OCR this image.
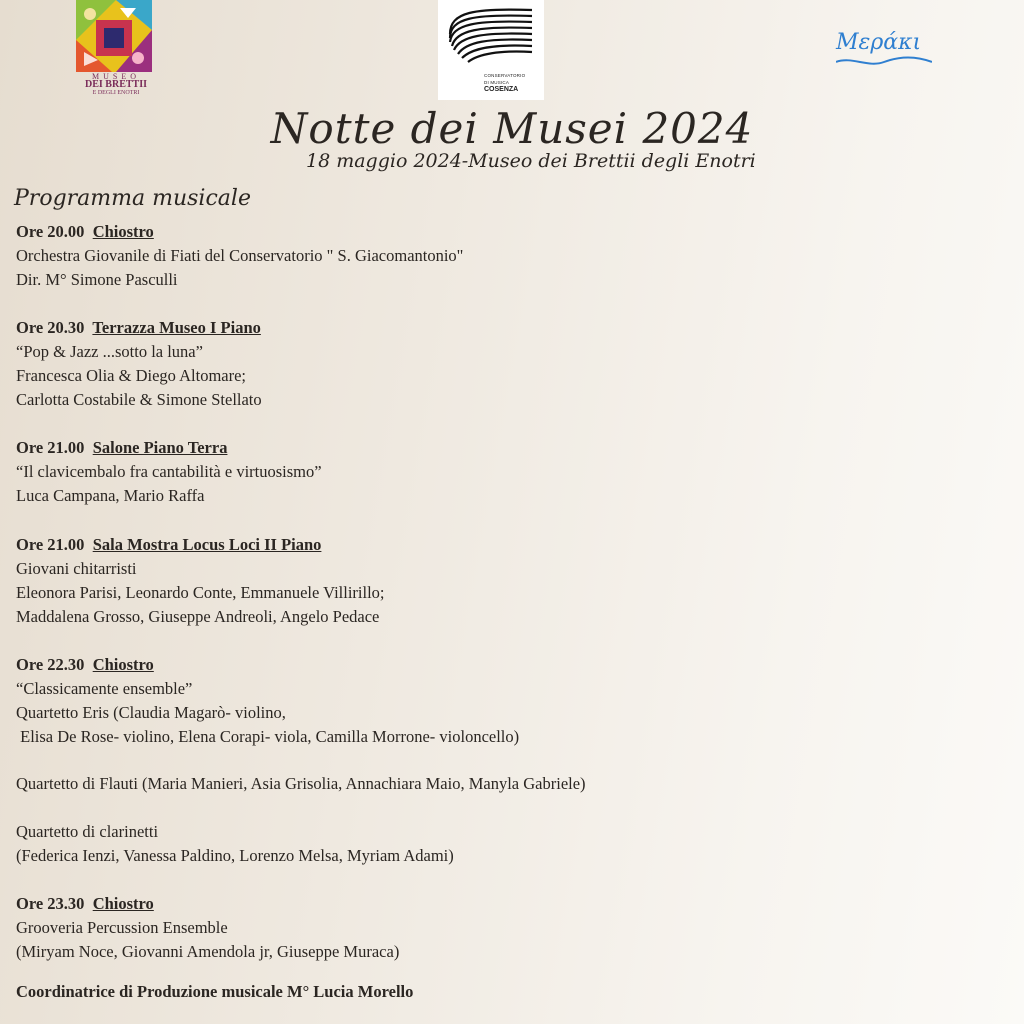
MUSEO
DEI BRETTII
E DEGLI ENOTRI
CONSERVATORIO
DI MUSICA
COSENZA
Μεράκι
Notte dei Musei 2024
18 maggio 2024-Museo dei Brettii degli Enotri
Programma musicale
Ore 20.00 Chiostro
Orchestra Giovanile di Fiati del Conservatorio " S. Giacomantonio"
Dir. M° Simone Pasculli
Ore 20.30 Terrazza Museo I Piano
“Pop & Jazz ...sotto la luna”
Francesca Olia & Diego Altomare;
Carlotta Costabile & Simone Stellato
Ore 21.00 Salone Piano Terra
“Il clavicembalo fra cantabilità e virtuosismo”
Luca Campana, Mario Raffa
Ore 21.00 Sala Mostra Locus Loci II Piano
Giovani chitarristi
Eleonora Parisi, Leonardo Conte, Emmanuele Villirillo;
Maddalena Grosso, Giuseppe Andreoli, Angelo Pedace
Ore 22.30 Chiostro
“Classicamente ensemble”
Quartetto Eris (Claudia Magarò- violino,
Elisa De Rose- violino, Elena Corapi- viola, Camilla Morrone- violoncello)
Quartetto di Flauti (Maria Manieri, Asia Grisolia, Annachiara Maio, Manyla Gabriele)
Quartetto di clarinetti
(Federica Ienzi, Vanessa Paldino, Lorenzo Melsa, Myriam Adami)
Ore 23.30 Chiostro
Grooveria Percussion Ensemble
(Miryam Noce, Giovanni Amendola jr, Giuseppe Muraca)
Coordinatrice di Produzione musicale M° Lucia Morello
